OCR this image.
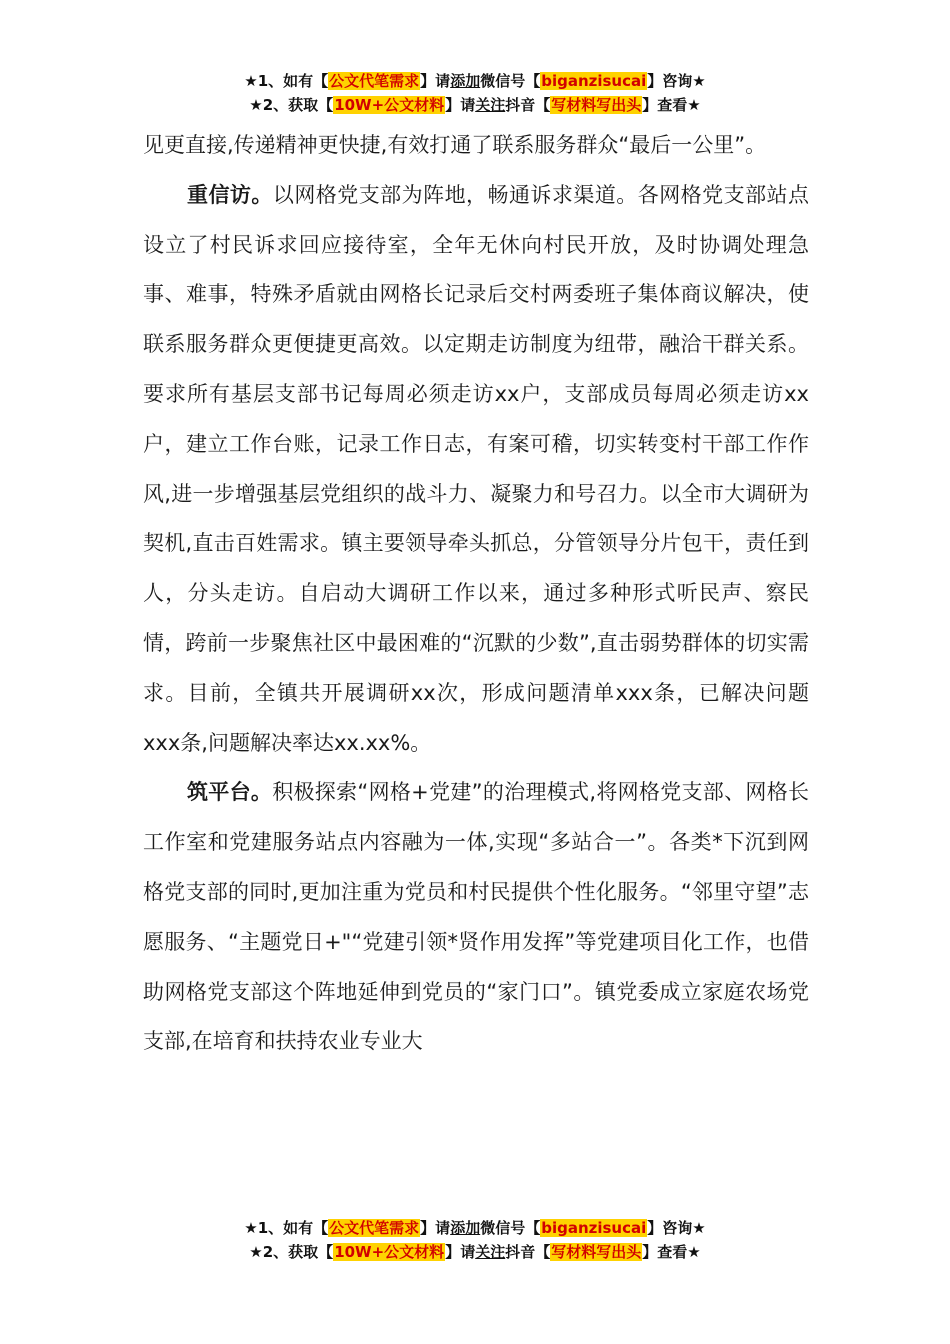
★1、如有【公文代笔需求】请添加微信号【biganzisucai】咨询★
★2、获取【10W+公文材料】请关注抖音【写材料写出头】查看★

见更直接,传递精神更快捷,有效打通了联系服务群众“最后一公里”。

重信访。以网格党支部为阵地，畅通诉求渠道。各网格党支部站点设立了村民诉求回应接待室，全年无休向村民开放，及时协调处理急事、难事，特殊矛盾就由网格长记录后交村两委班子集体商议解决，使联系服务群众更便捷更高效。以定期走访制度为纽带，融洽干群关系。要求所有基层支部书记每周必须走访xx户，支部成员每周必须走访xx户，建立工作台账，记录工作日志，有案可稽，切实转变村干部工作作风,进一步增强基层党组织的战斗力、凝聚力和号召力。以全市大调研为契机,直击百姓需求。镇主要领导牵头抓总，分管领导分片包干，责任到人，分头走访。自启动大调研工作以来，通过多种形式听民声、察民情，跨前一步聚焦社区中最困难的“沉默的少数”,直击弱势群体的切实需求。目前，全镇共开展调研xx次，形成问题清单xxx条，已解决问题xxx条,问题解决率达xx.xx%。

筑平台。积极探索“网格+党建”的治理模式,将网格党支部、网格长工作室和党建服务站点内容融为一体,实现“多站合一”。各类*下沉到网格党支部的同时,更加注重为党员和村民提供个性化服务。“邻里守望”志愿服务、“主题党日+"“党建引领*贤作用发挥”等党建项目化工作，也借助网格党支部这个阵地延伸到党员的“家门口”。镇党委成立家庭农场党支部,在培育和扶持农业专业大

★1、如有【公文代笔需求】请添加微信号【biganzisucai】咨询★
★2、获取【10W+公文材料】请关注抖音【写材料写出头】查看★
